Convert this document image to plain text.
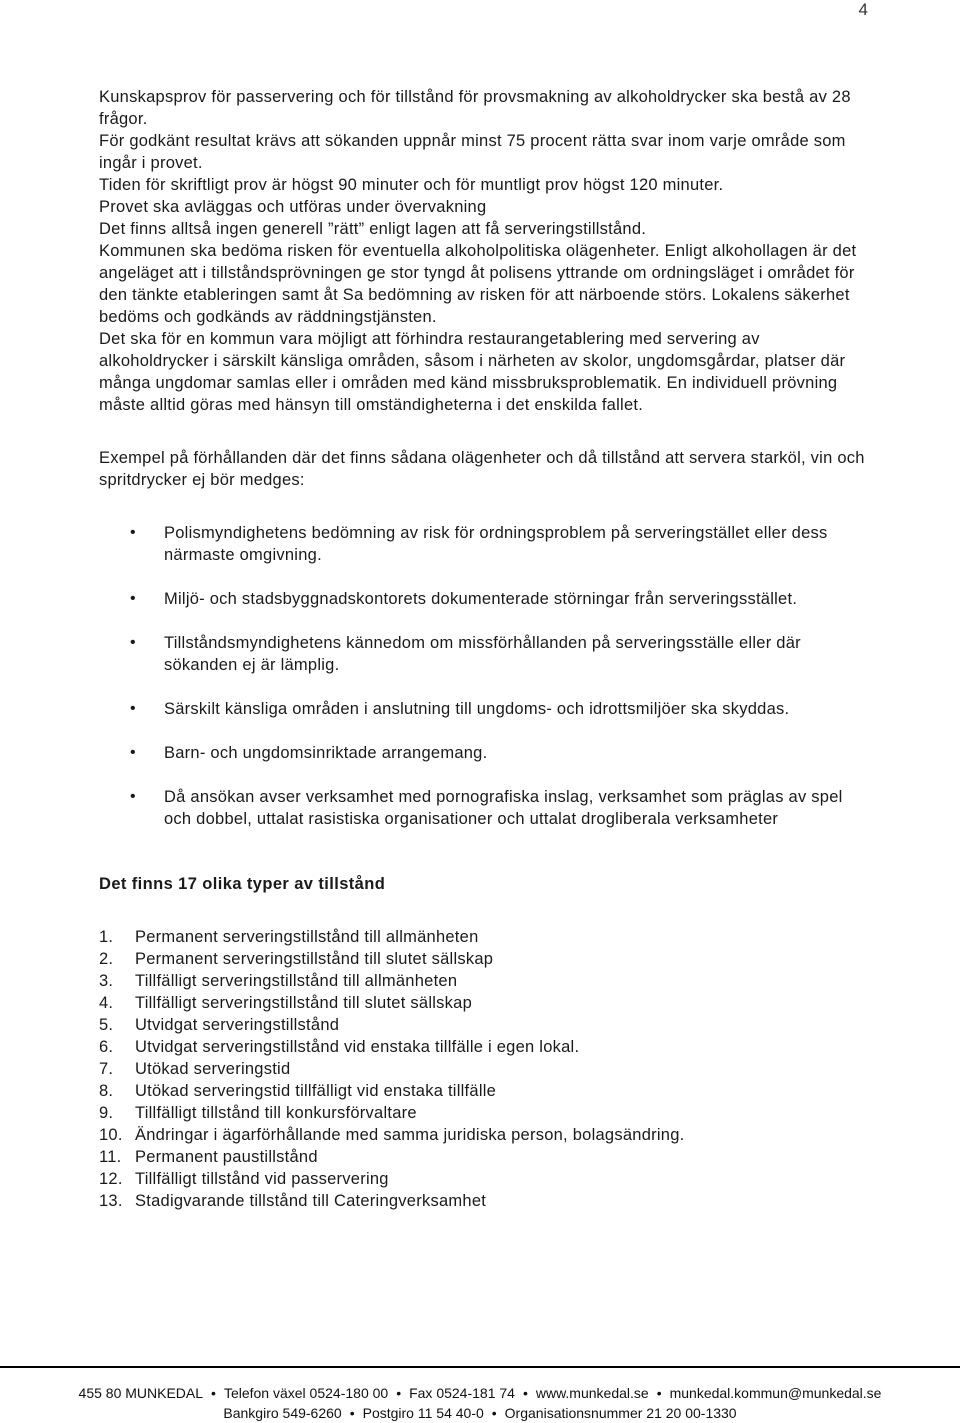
4

Kunskapsprov för passervering och för tillstånd för provsmakning av alkoholdrycker ska bestå av 28 frågor.

För godkänt resultat krävs att sökanden uppnår minst 75 procent rätta svar inom varje område som ingår i provet.

Tiden för skriftligt prov är högst 90 minuter och för muntligt prov högst 120 minuter.

Provet ska avläggas och utföras under övervakning

Det finns alltså ingen generell ”rätt” enligt lagen att få serveringstillstånd.

Kommunen ska bedöma risken för eventuella alkoholpolitiska olägenheter. Enligt alkohollagen är det angeläget att i tillståndsprövningen ge stor tyngd åt polisens yttrande om ordningsläget i området för den tänkte etableringen samt åt Sa bedömning av risken för att närboende störs. Lokalens säkerhet bedöms och godkänds av räddningstjänsten.

Det ska för en kommun vara möjligt att förhindra restaurangetablering med servering av alkoholdrycker i särskilt känsliga områden, såsom i närheten av skolor, ungdomsgårdar, platser där många ungdomar samlas eller i områden med känd missbruksproblematik. En individuell prövning måste alltid göras med hänsyn till omständigheterna i det enskilda fallet.

Exempel på förhållanden där det finns sådana olägenheter och då tillstånd att servera starköl, vin och spritdrycker ej bör medges:

• Polismyndighetens bedömning av risk för ordningsproblem på serveringstället eller dess närmaste omgivning.
• Miljö- och stadsbyggnadskontorets dokumenterade störningar från serveringsstället.
• Tillståndsmyndighetens kännedom om missförhållanden på serveringsställe eller där sökanden ej är lämplig.
• Särskilt känsliga områden i anslutning till ungdoms- och idrottsmiljöer ska skyddas.
• Barn- och ungdomsinriktade arrangemang.
• Då ansökan avser verksamhet med pornografiska inslag, verksamhet som präglas av spel och dobbel, uttalat rasistiska organisationer och uttalat drogliberala verksamheter

Det finns 17 olika typer av tillstånd

1. Permanent serveringstillstånd till allmänheten
2. Permanent serveringstillstånd till slutet sällskap
3. Tillfälligt serveringstillstånd till allmänheten
4. Tillfälligt serveringstillstånd till slutet sällskap
5. Utvidgat serveringstillstånd
6. Utvidgat serveringstillstånd vid enstaka tillfälle i egen lokal.
7. Utökad serveringstid
8. Utökad serveringstid tillfälligt vid enstaka tillfälle
9. Tillfälligt tillstånd till konkursförvaltare
10. Ändringar i ägarförhållande med samma juridiska person, bolagsändring.
11. Permanent paustillstånd
12. Tillfälligt tillstånd vid passervering
13. Stadigvarande tillstånd till Cateringverksamhet
455 80 MUNKEDAL • Telefon växel 0524-180 00 • Fax 0524-181 74 • www.munkedal.se • munkedal.kommun@munkedal.se
Bankgiro 549-6260 • Postgiro 11 54 40-0 • Organisationsnummer 21 20 00-1330
